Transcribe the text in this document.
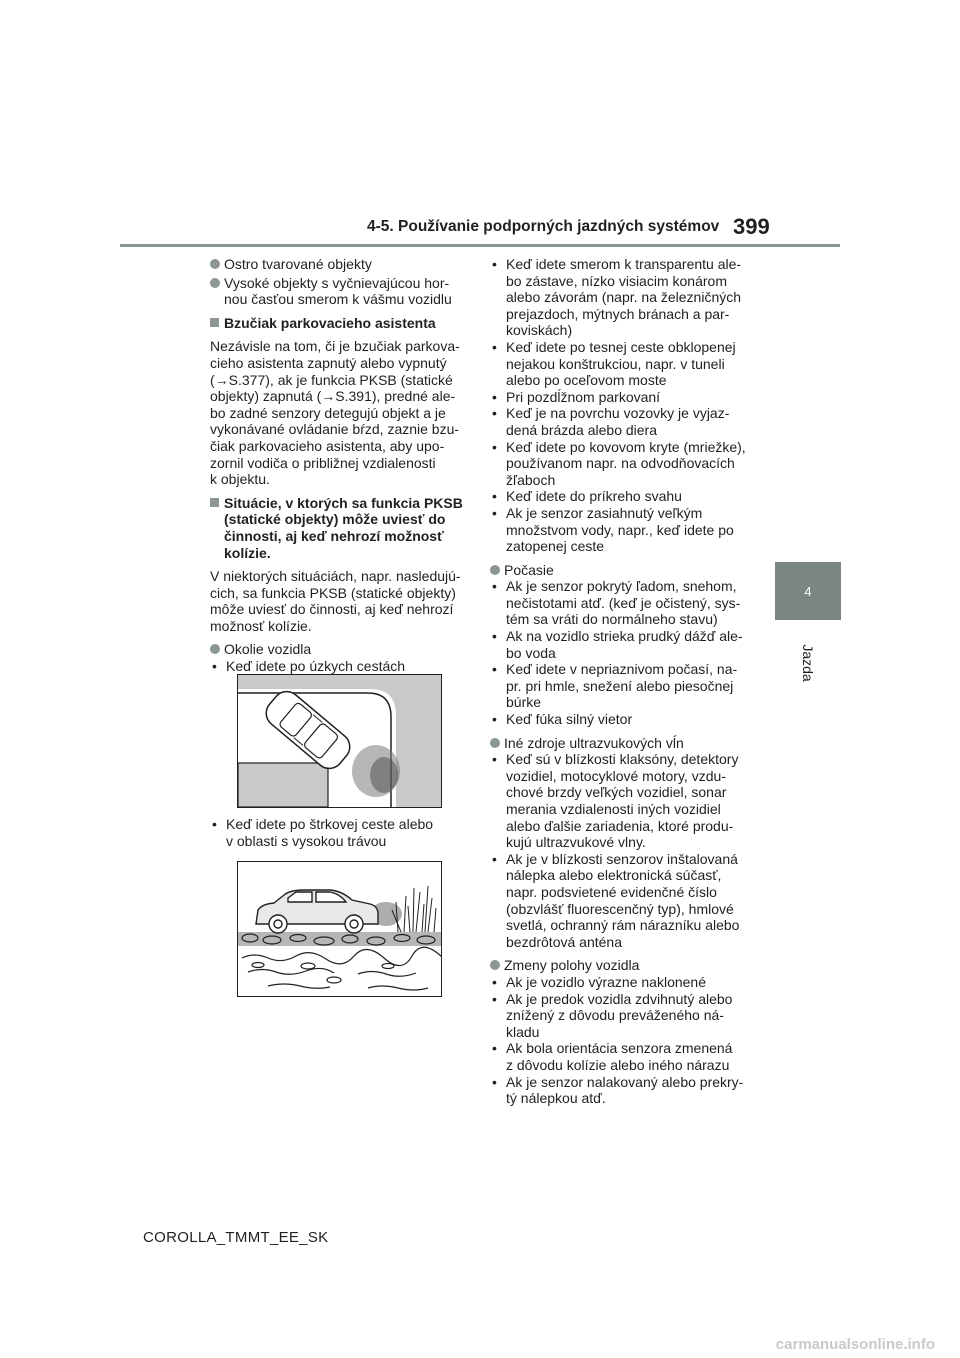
4-5. Používanie podporných jazdných systémov 399
4
Jazda
Ostro tvarované objekty
Vysoké objekty s vyčnievajúcou hor-
nou časťou smerom k vášmu vozidlu
Bzučiak parkovacieho asistenta
Nezávisle na tom, či je bzučiak parkova-
cieho asistenta zapnutý alebo vypnutý
(→S.377), ak je funkcia PKSB (statické
objekty) zapnutá (→S.391), predné ale-
bo zadné senzory detegujú objekt a je
vykonávané ovládanie bŕzd, zaznie bzu-
čiak parkovacieho asistenta, aby upo-
zornil vodiča o približnej vzdialenosti
k objektu.
Situácie, v ktorých sa funkcia PKSB
(statické objekty) môže uviesť do
činnosti, aj keď nehrozí možnosť
kolízie.
V niektorých situáciách, napr. nasledujú-
cich, sa funkcia PKSB (statické objekty)
môže uviesť do činnosti, aj keď nehrozí
možnosť kolízie.
Okolie vozidla
• Keď idete po úzkych cestách
• Keď idete po štrkovej ceste alebo
v oblasti s vysokou trávou
• Keď idete smerom k transparentu ale-
bo zástave, nízko visiacim konárom
alebo závorám (napr. na železničných
prejazdoch, mýtnych bránach a par-
koviskách)
• Keď idete po tesnej ceste obklopenej
nejakou konštrukciou, napr. v tuneli
alebo po oceľovom moste
• Pri pozdĺžnom parkovaní
• Keď je na povrchu vozovky je vyjaz-
dená brázda alebo diera
• Keď idete po kovovom kryte (mriežke),
používanom napr. na odvodňovacích
žľaboch
• Keď idete do príkreho svahu
• Ak je senzor zasiahnutý veľkým
množstvom vody, napr., keď idete po
zatopenej ceste
Počasie
• Ak je senzor pokrytý ľadom, snehom,
nečistotami atď. (keď je očistený, sys-
tém sa vráti do normálneho stavu)
• Ak na vozidlo strieka prudký dážď ale-
bo voda
• Keď idete v nepriaznivom počasí, na-
pr. pri hmle, snežení alebo piesočnej
búrke
• Keď fúka silný vietor
Iné zdroje ultrazvukových vĺn
• Keď sú v blízkosti klaksóny, detektory
vozidiel, motocyklové motory, vzdu-
chové brzdy veľkých vozidiel, sonar
merania vzdialenosti iných vozidiel
alebo ďalšie zariadenia, ktoré produ-
kujú ultrazvukové vlny.
• Ak je v blízkosti senzorov inštalovaná
nálepka alebo elektronická súčasť,
napr. podsvietené evidenčné číslo
(obzvlášť fluorescenčný typ), hmlové
svetlá, ochranný rám nárazníku alebo
bezdrôtová anténa
Zmeny polohy vozidla
• Ak je vozidlo výrazne naklonené
• Ak je predok vozidla zdvihnutý alebo
znížený z dôvodu preváženého ná-
kladu
• Ak bola orientácia senzora zmenená
z dôvodu kolízie alebo iného nárazu
• Ak je senzor nalakovaný alebo prekry-
tý nálepkou atď.
COROLLA_TMMT_EE_SK
carmanualsonline.info
